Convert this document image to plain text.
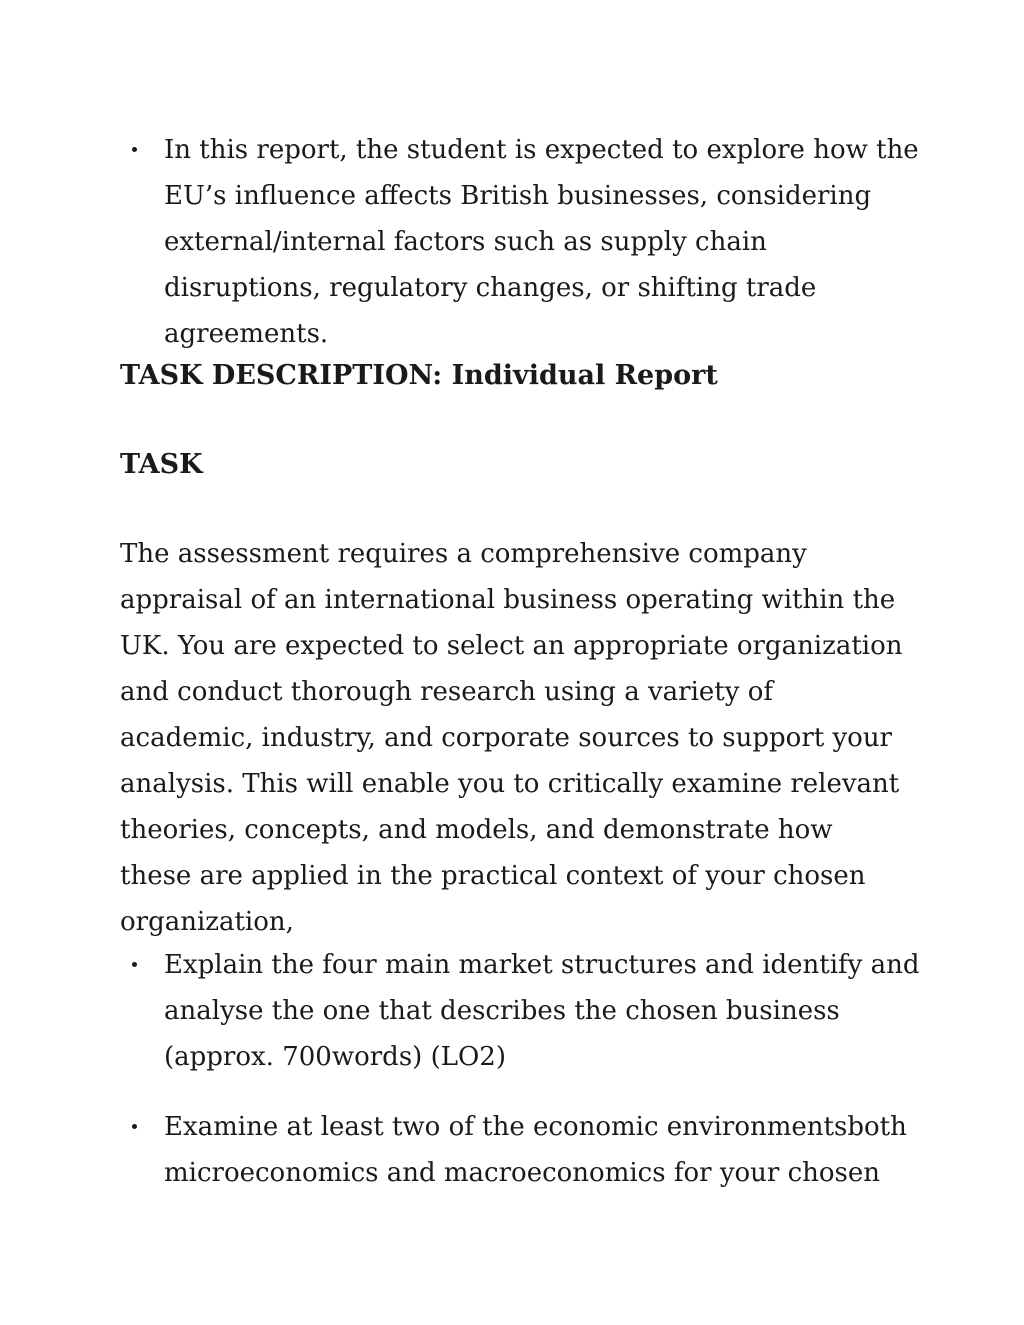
In this report, the student is expected to explore how the EU’s influence affects British businesses, considering external/internal factors such as supply chain disruptions, regulatory changes, or shifting trade agreements.
TASK DESCRIPTION: Individual Report
TASK

The assessment requires a comprehensive company appraisal of an international business operating within the UK. You are expected to select an appropriate organization and conduct thorough research using a variety of academic, industry, and corporate sources to support your analysis. This will enable you to critically examine relevant theories, concepts, and models, and demonstrate how these are applied in the practical context of your chosen organization,

Explain the four main market structures and identify and analyse the one that describes the chosen business (approx. 700words) (LO2)
Examine at least two of the economic environmentsboth microeconomics and macroeconomics for your chosen
